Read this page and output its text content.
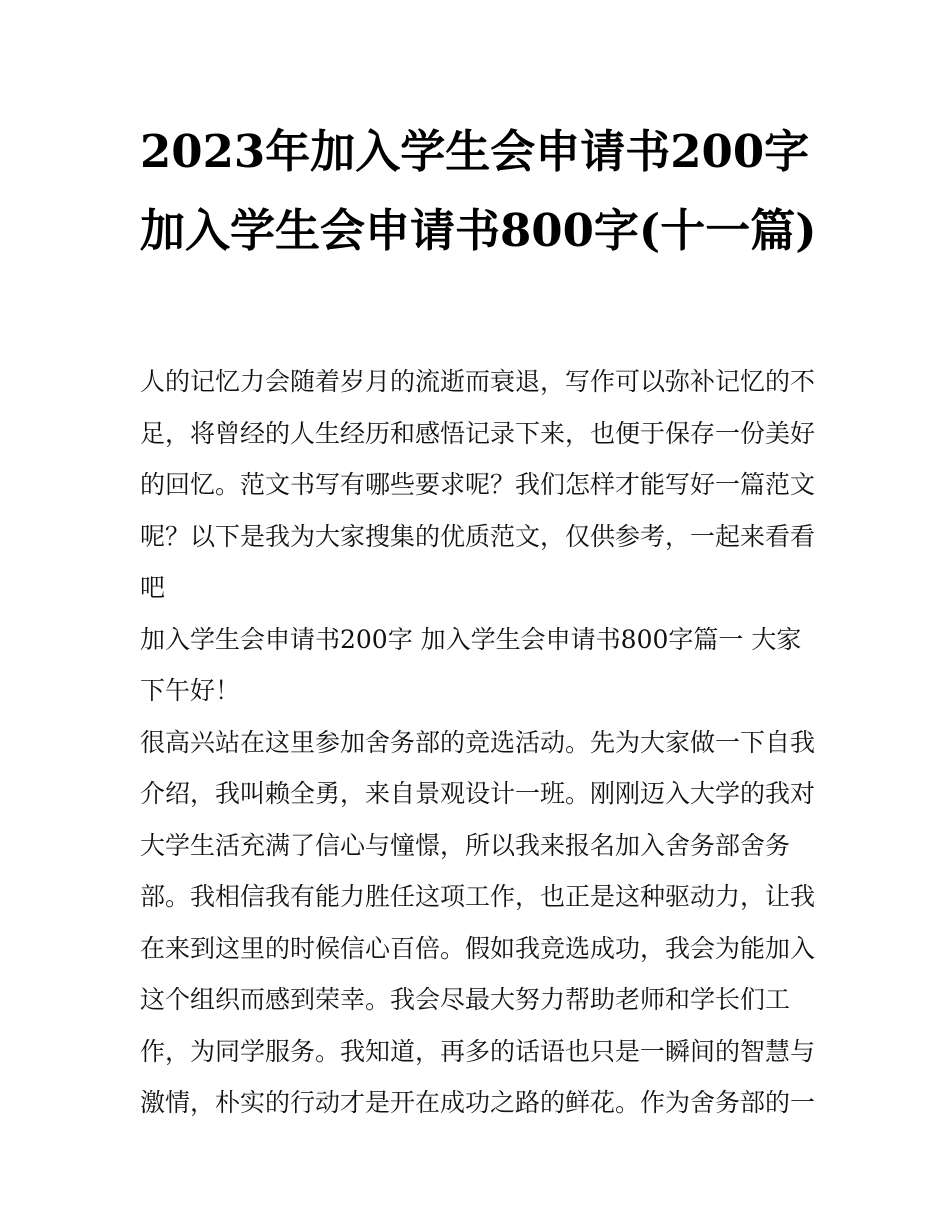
2023年加入学生会申请书200字 加入学生会申请书800字(十一篇)

人的记忆力会随着岁月的流逝而衰退，写作可以弥补记忆的不足，将曾经的人生经历和感悟记录下来，也便于保存一份美好的回忆。范文书写有哪些要求呢？我们怎样才能写好一篇范文呢？以下是我为大家搜集的优质范文，仅供参考，一起来看看吧

加入学生会申请书200字 加入学生会申请书800字篇一 大家下午好！

很高兴站在这里参加舍务部的竞选活动。先为大家做一下自我介绍，我叫赖全勇，来自景观设计一班。刚刚迈入大学的我对大学生活充满了信心与憧憬，所以我来报名加入舍务部舍务部。我相信我有能力胜任这项工作，也正是这种驱动力，让我在来到这里的时候信心百倍。假如我竞选成功，我会为能加入这个组织而感到荣幸。我会尽最大努力帮助老师和学长们工作，为同学服务。我知道，再多的话语也只是一瞬间的智慧与激情，朴实的行动才是开在成功之路的鲜花。作为舍务部的一
